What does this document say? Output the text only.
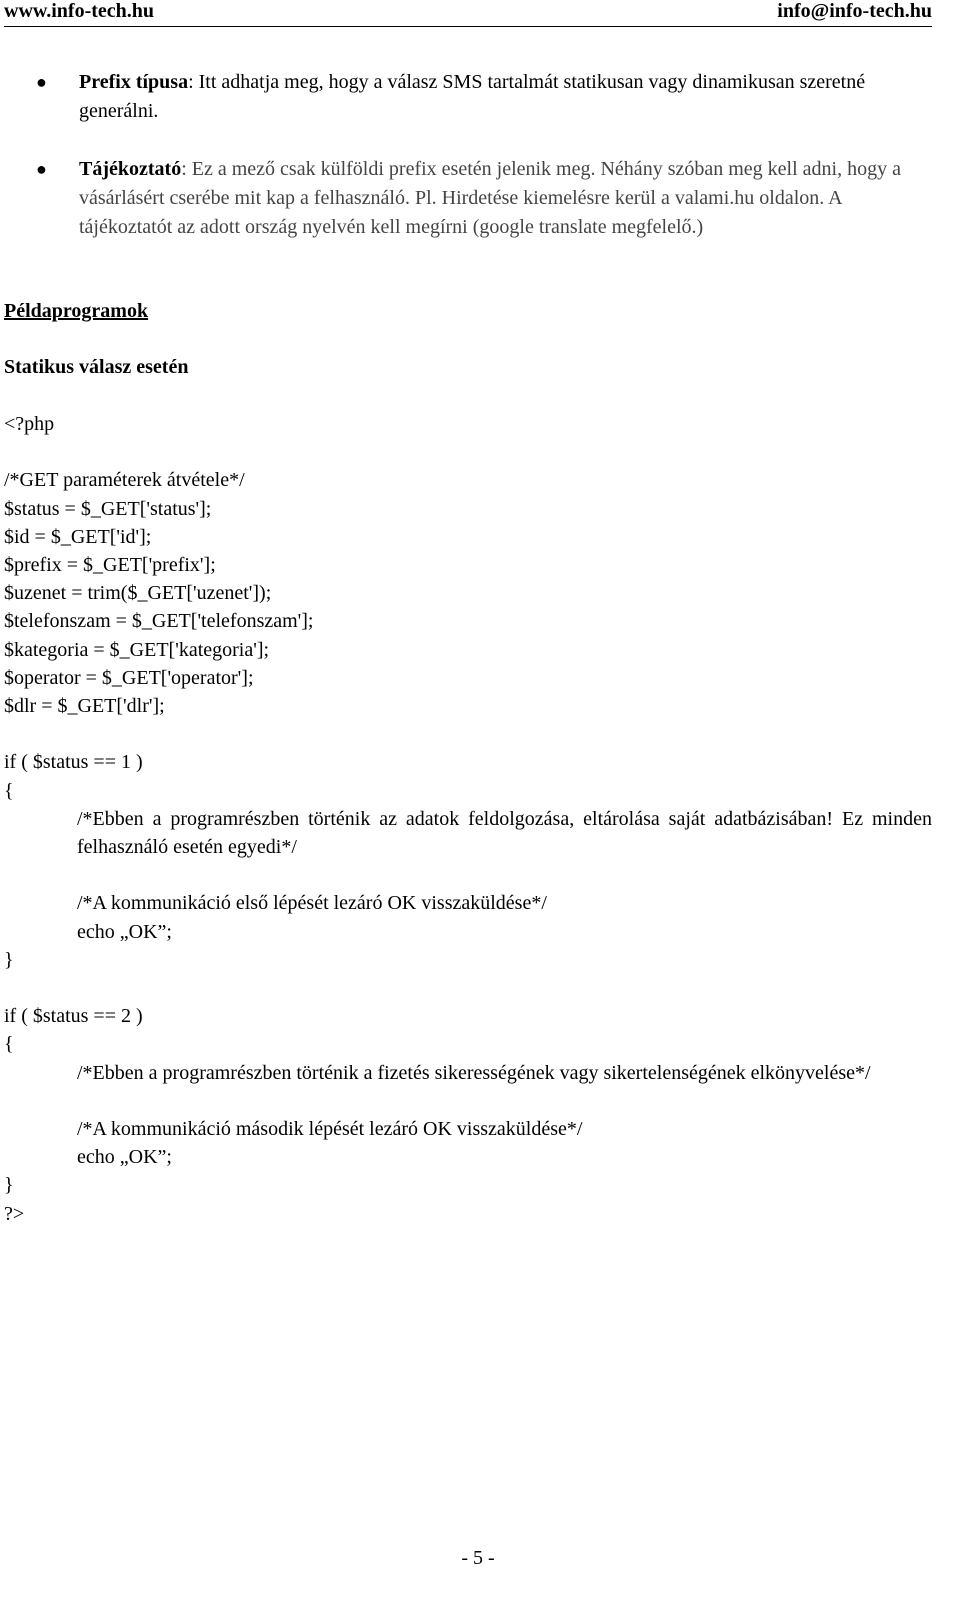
www.info-tech.hu	info@info-tech.hu
● Prefix típusa: Itt adhatja meg, hogy a válasz SMS tartalmát statikusan vagy dinamikusan szeretné generálni.
● Tájékoztató: Ez a mező csak külföldi prefix esetén jelenik meg. Néhány szóban meg kell adni, hogy a vásárlásért cserébe mit kap a felhasználó. Pl. Hirdetése kiemelésre kerül a valami.hu oldalon. A tájékoztatót az adott ország nyelvén kell megírni (google translate megfelelő.)
Példaprogramok
Statikus válasz esetén
<?php
/*GET paraméterek átvétele*/
$status = $_GET['status'];
$id = $_GET['id'];
$prefix = $_GET['prefix'];
$uzenet = trim($_GET['uzenet']);
$telefonszam = $_GET['telefonszam'];
$kategoria = $_GET['kategoria'];
$operator = $_GET['operator'];
$dlr = $_GET['dlr'];
if ( $status == 1 )
{
/*Ebben a programrészben történik az adatok feldolgozása, eltárolása saját adatbázisában! Ez minden felhasználó esetén egyedi*/
/*A kommunikáció első lépését lezáró OK visszaküldése*/
echo „OK”;
}
if ( $status == 2 )
{
/*Ebben a programrészben történik a fizetés sikerességének vagy sikertelenségének elkönyvelése*/
/*A kommunikáció második lépését lezáró OK visszaküldése*/
echo „OK”;
}
?>
- 5 -
